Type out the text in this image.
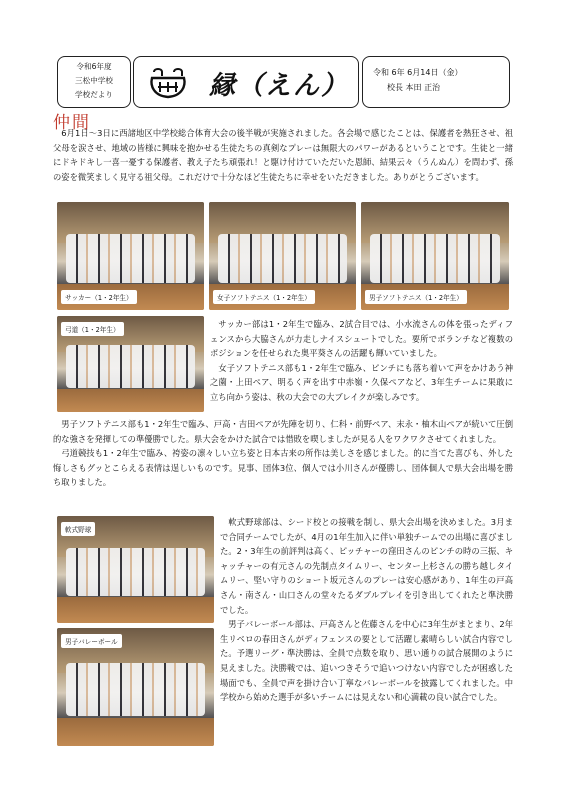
令和6年度
三松中学校
学校だより	縁（えん）	令和 6年 6月14日（金）
校長 本田 正治
仲間

6月1日～3日に西諸地区中学校総合体育大会の後半戦が実施されました。各会場で感じたことは、保護者を熱狂させ、祖父母を涙させ、地域の皆様に興味を抱かせる生徒たちの真剣なプレーは無限大のパワーがあるということです。生徒と一緒にドキドキし一喜一憂する保護者、教え子たち頑張れ！と駆け付けていただいた恩師、結果云々（うんぬん）を問わず、孫の姿を微笑ましく見守る祖父母。これだけで十分なほど生徒たちに幸せをいただきました。ありがとうございます。

サッカー（1・2年生）	女子ソフトテニス（1・2年生）	男子ソフトテニス（1・2年生）
弓道（1・2年生）

サッカー部は1・2年生で臨み、2試合目では、小水流さんの体を張ったディフェンスから大脇さんが力走しナイスシュートでした。要所でボランチなど複数のポジションを任せられた奥平葵さんの活躍も輝いていました。
　女子ソフトテニス部も1・2年生で臨み、ピンチにも落ち着いて声をかけあう神之薗・上田ペア、明るく声を出す中赤嶺・久保ペアなど、3年生チームに果敢に立ち向かう姿は、秋の大会での大ブレイクが楽しみです。

男子ソフトテニス部も1・2年生で臨み、戸高・吉田ペアが先陣を切り、仁科・前野ペア、末永・柚木山ペアが続いて圧倒的な強さを発揮しての準優勝でした。県大会をかけた試合では惜敗を喫しましたが見る人をワクワクさせてくれました。
　弓道競技も1・2年生で臨み、袴姿の凛々しい立ち姿と日本古来の所作は美しさを感じました。的に当てた喜びも、外した悔しさもグッとこらえる表情は逞しいものです。見事、団体3位、個人では小川さんが優勝し、団体個人で県大会出場を勝ち取りました。

軟式野球
男子バレーボール

軟式野球部は、シード校との接戦を制し、県大会出場を決めました。3月まで合同チームでしたが、4月の1年生加入に伴い単独チームでの出場に喜びました。2・3年生の前評判は高く、ピッチャーの窪田さんのピンチの時の三振、キャッチャーの有元さんの先制点タイムリー、センター上杉さんの勝ち越しタイムリー、堅い守りのショート坂元さんのプレーは安心感があり、1年生の戸高さん・南さん・山口さんの堂々たるダブルプレイを引き出してくれたと準決勝でした。
　男子バレーボール部は、戸高さんと佐藤さんを中心に3年生がまとまり、2年生リベロの春田さんがディフェンスの要として活躍し素晴らしい試合内容でした。予選リーグ・準決勝は、全員で点数を取り、思い通りの試合展開のように見えました。決勝戦では、追いつきそうで追いつけない内容でしたが困惑した場面でも、全員で声を掛け合い丁寧なバレーボールを披露してくれました。中学校から始めた選手が多いチームには見えない和心満載の良い試合でした。
